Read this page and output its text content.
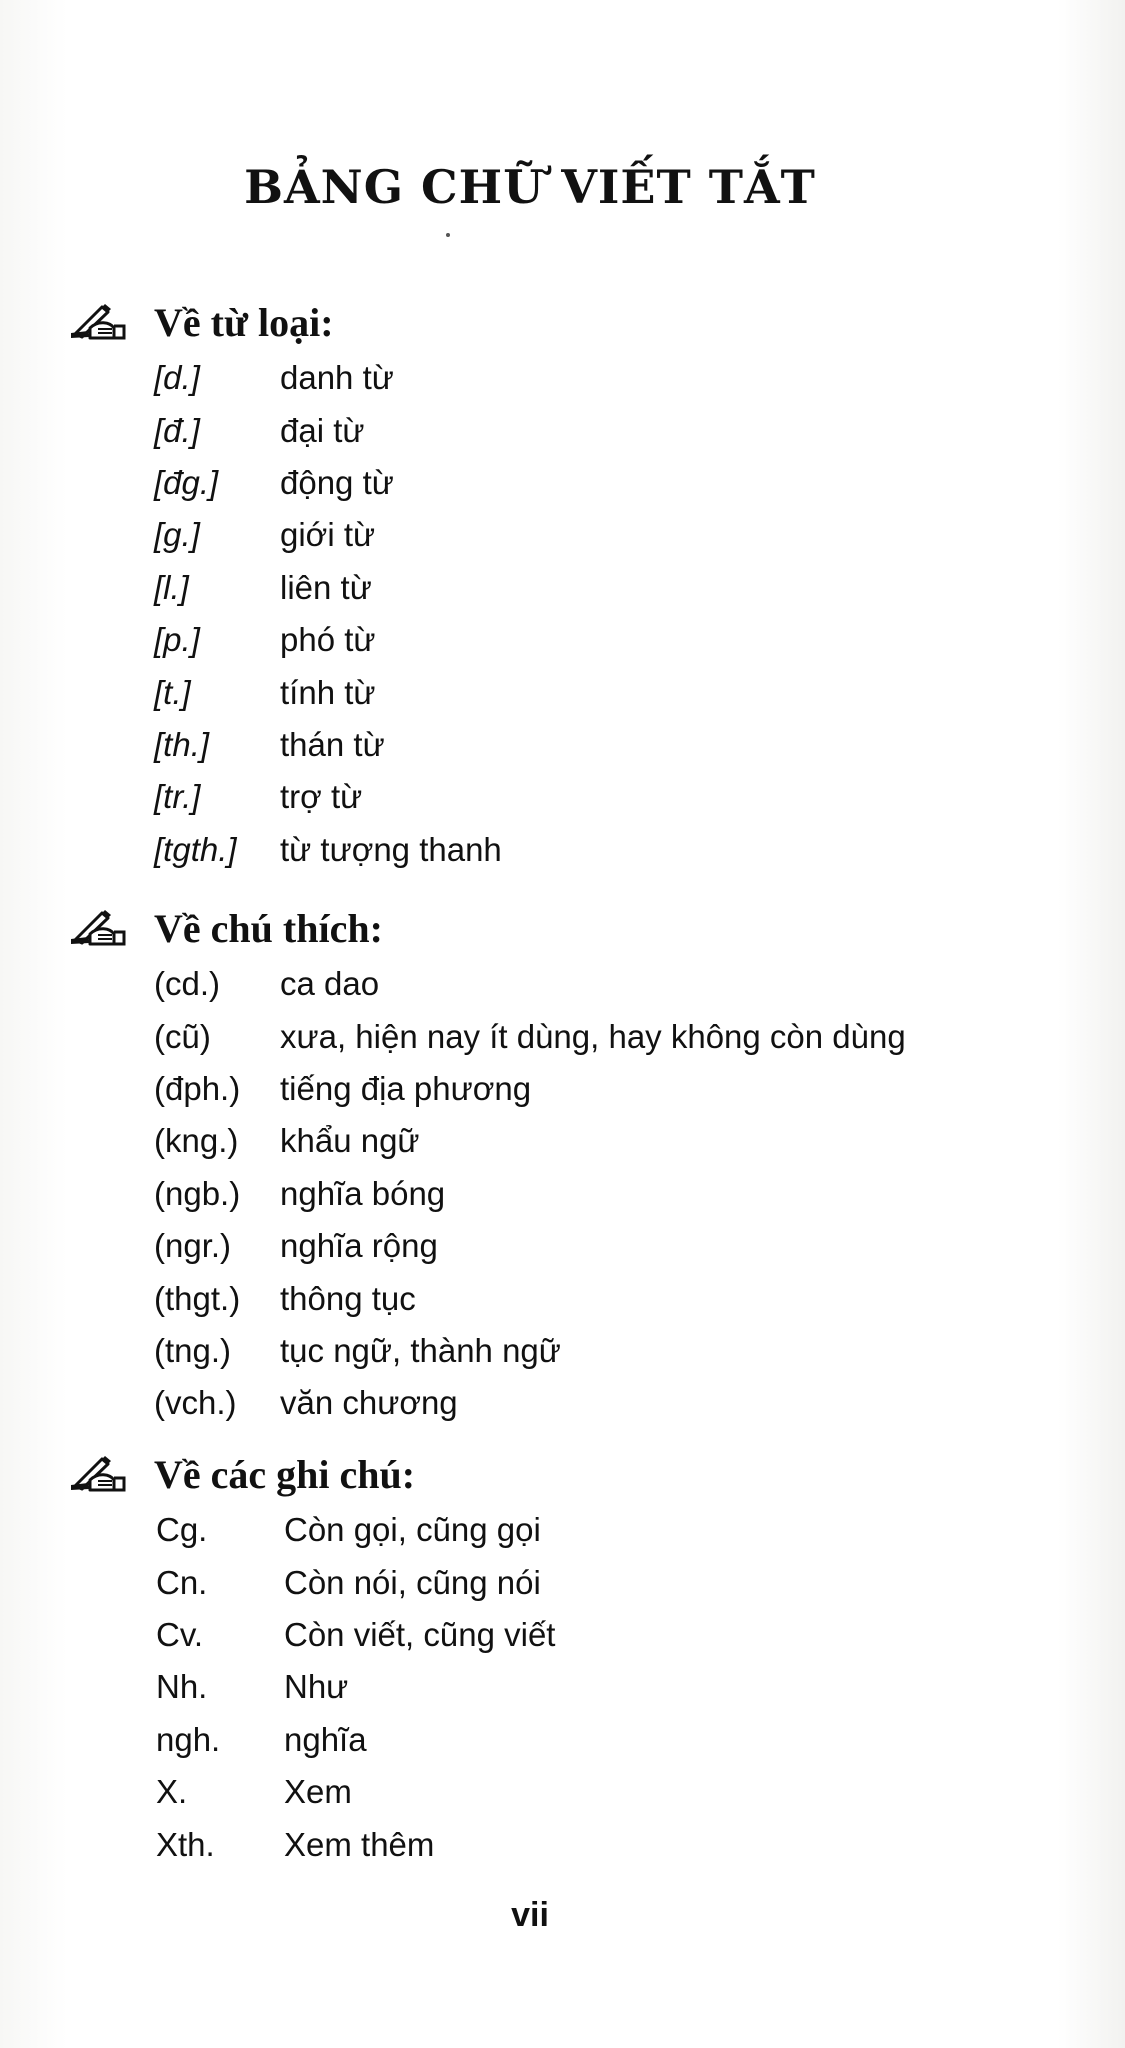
BẢNG CHỮ VIẾT TẮT
Về từ loại:
[d.]	danh từ
[đ.]	đại từ
[đg.]	động từ
[g.]	giới từ
[l.]	liên từ
[p.]	phó từ
[t.]	tính từ
[th.]	thán từ
[tr.]	trợ từ
[tgth.]	từ tượng thanh
Về chú thích:
(cd.)	ca dao
(cũ)	xưa, hiện nay ít dùng, hay không còn dùng
(đph.)	tiếng địa phương
(kng.)	khẩu ngữ
(ngb.)	nghĩa bóng
(ngr.)	nghĩa rộng
(thgt.)	thông tục
(tng.)	tục ngữ, thành ngữ
(vch.)	văn chương
Về các ghi chú:
Cg.	Còn gọi, cũng gọi
Cn.	Còn nói, cũng nói
Cv.	Còn viết, cũng viết
Nh.	Như
ngh.	nghĩa
X.	Xem
Xth.	Xem thêm
vii
